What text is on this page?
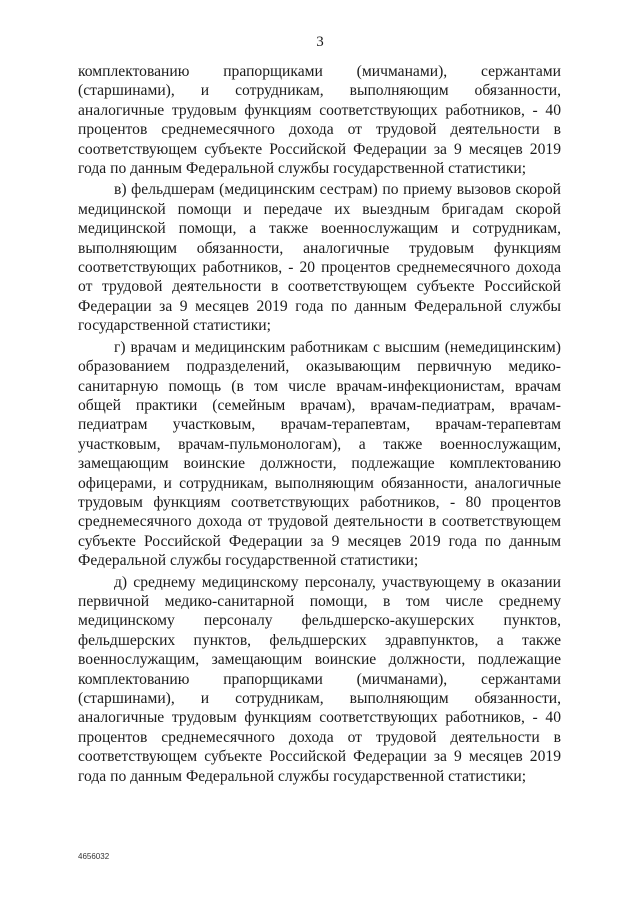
3

комплектованию прапорщиками (мичманами), сержантами (старшинами), и сотрудникам, выполняющим обязанности, аналогичные трудовым функциям соответствующих работников, - 40 процентов среднемесячного дохода от трудовой деятельности в соответствующем субъекте Российской Федерации за 9 месяцев 2019 года по данным Федеральной службы государственной статистики;

в) фельдшерам (медицинским сестрам) по приему вызовов скорой медицинской помощи и передаче их выездным бригадам скорой медицинской помощи, а также военнослужащим и сотрудникам, выполняющим обязанности, аналогичные трудовым функциям соответствующих работников, - 20 процентов среднемесячного дохода от трудовой деятельности в соответствующем субъекте Российской Федерации за 9 месяцев 2019 года по данным Федеральной службы государственной статистики;

г) врачам и медицинским работникам с высшим (немедицинским) образованием подразделений, оказывающим первичную медико-санитарную помощь (в том числе врачам-инфекционистам, врачам общей практики (семейным врачам), врачам-педиатрам, врачам-педиатрам участковым, врачам-терапевтам, врачам-терапевтам участковым, врачам-пульмонологам), а также военнослужащим, замещающим воинские должности, подлежащие комплектованию офицерами, и сотрудникам, выполняющим обязанности, аналогичные трудовым функциям соответствующих работников, - 80 процентов среднемесячного дохода от трудовой деятельности в соответствующем субъекте Российской Федерации за 9 месяцев 2019 года по данным Федеральной службы государственной статистики;

д) среднему медицинскому персоналу, участвующему в оказании первичной медико-санитарной помощи, в том числе среднему медицинскому персоналу фельдшерско-акушерских пунктов, фельдшерских пунктов, фельдшерских здравпунктов, а также военнослужащим, замещающим воинские должности, подлежащие комплектованию прапорщиками (мичманами), сержантами (старшинами), и сотрудникам, выполняющим обязанности, аналогичные трудовым функциям соответствующих работников, - 40 процентов среднемесячного дохода от трудовой деятельности в соответствующем субъекте Российской Федерации за 9 месяцев 2019 года по данным Федеральной службы государственной статистики;

4656032
